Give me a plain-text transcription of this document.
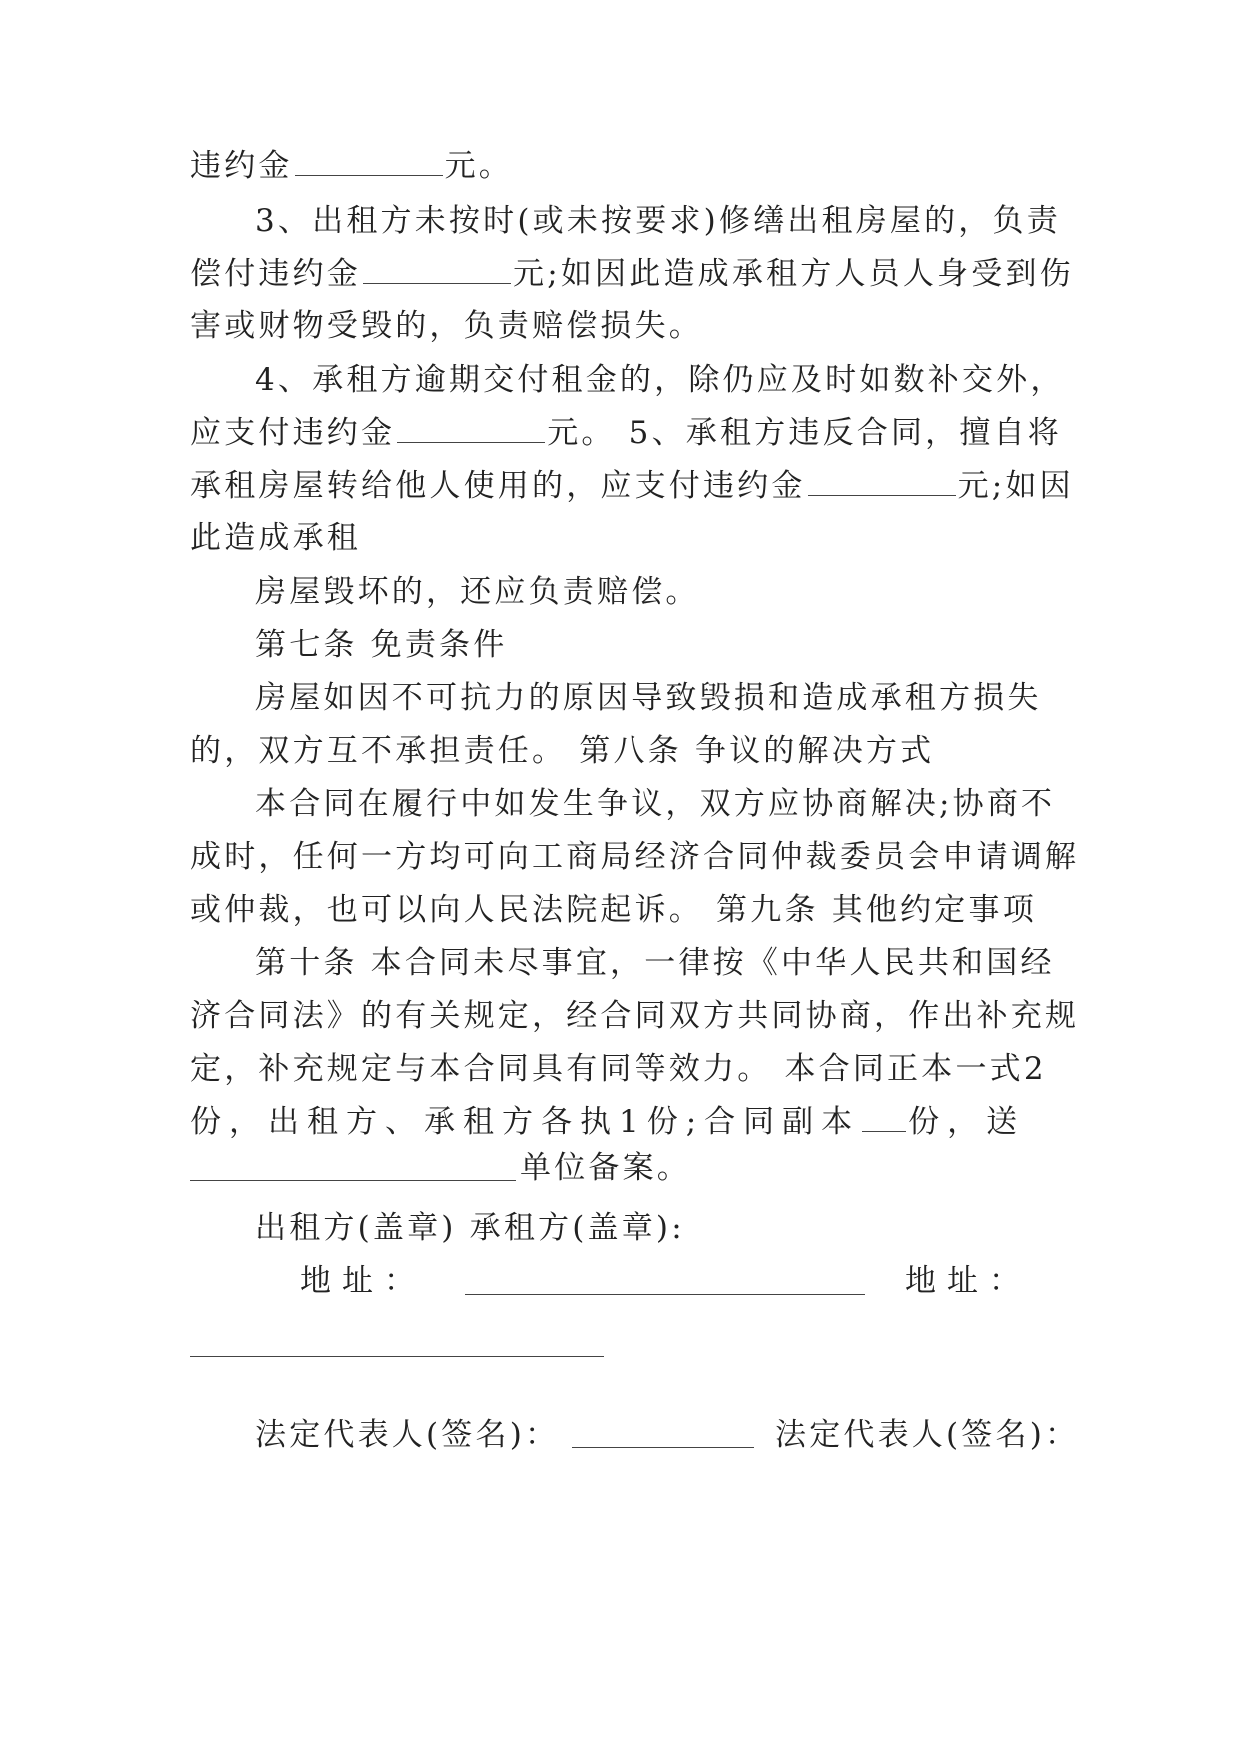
违约金	元。
3、出租方未按时(或未按要求)修缮出租房屋的，负责
偿付违约金	元;如因此造成承租方人员人身受到伤
害或财物受毁的，负责赔偿损失。
4、承租方逾期交付租金的，除仍应及时如数补交外，
应支付违约金	元。 5、承租方违反合同，擅自将
承租房屋转给他人使用的，应支付违约金	元;如因
此造成承租
房屋毁坏的，还应负责赔偿。
第七条 免责条件
房屋如因不可抗力的原因导致毁损和造成承租方损失
的，双方互不承担责任。 第八条 争议的解决方式
本合同在履行中如发生争议，双方应协商解决;协商不
成时，任何一方均可向工商局经济合同仲裁委员会申请调解
或仲裁，也可以向人民法院起诉。 第九条 其他约定事项
第十条 本合同未尽事宜，一律按《中华人民共和国经
济合同法》的有关规定，经合同双方共同协商，作出补充规
定，补充规定与本合同具有同等效力。 本合同正本一式2
份，出租方、承租方各执1份;合同副本 份，送
单位备案。
出租方(盖章) 承租方(盖章):
地址：	地址：
法定代表人(签名)：	法定代表人(签名)：
